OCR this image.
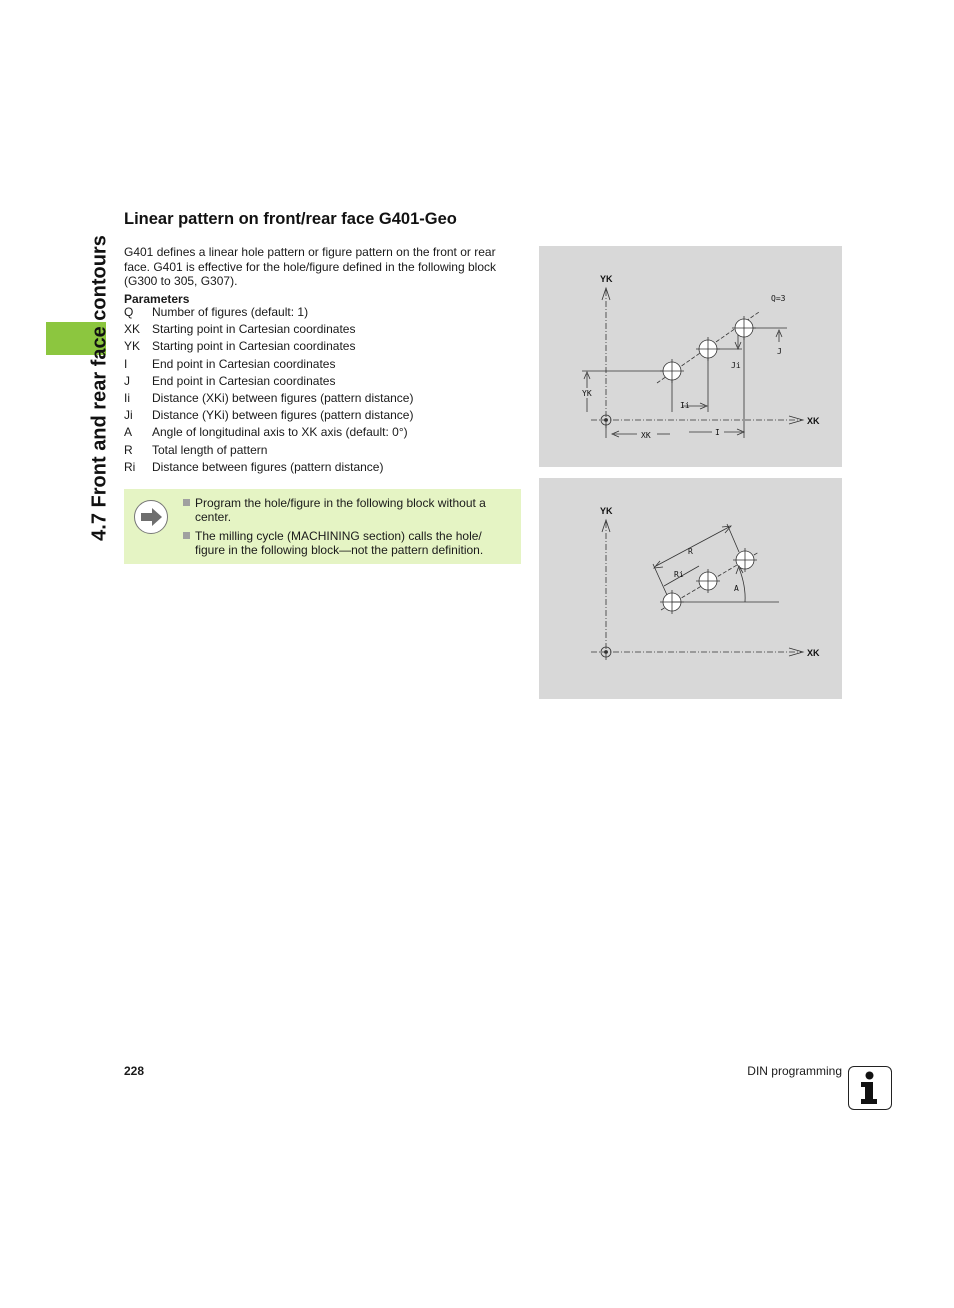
4.7 Front and rear face contours
Linear pattern on front/rear face G401-Geo
G401 defines a linear hole pattern or figure pattern on the front or rear face. G401 is effective for the hole/figure defined in the following block (G300 to 305, G307).
Parameters
Q Number of figures (default: 1)
XK Starting point in Cartesian coordinates
YK Starting point in Cartesian coordinates
I End point in Cartesian coordinates
J End point in Cartesian coordinates
Ii Distance (XKi) between figures (pattern distance)
Ji Distance (YKi) between figures (pattern distance)
A Angle of longitudinal axis to XK axis (default: 0°)
R Total length of pattern
Ri Distance between figures (pattern distance)
Program the hole/figure in the following block without a center.
The milling cycle (MACHINING section) calls the hole/ figure in the following block—not the pattern definition.
YK
XK
Q=3
J
Ji
YK
Ii
XK	I
YK
XK
R
Ri
A
228	DIN programming
